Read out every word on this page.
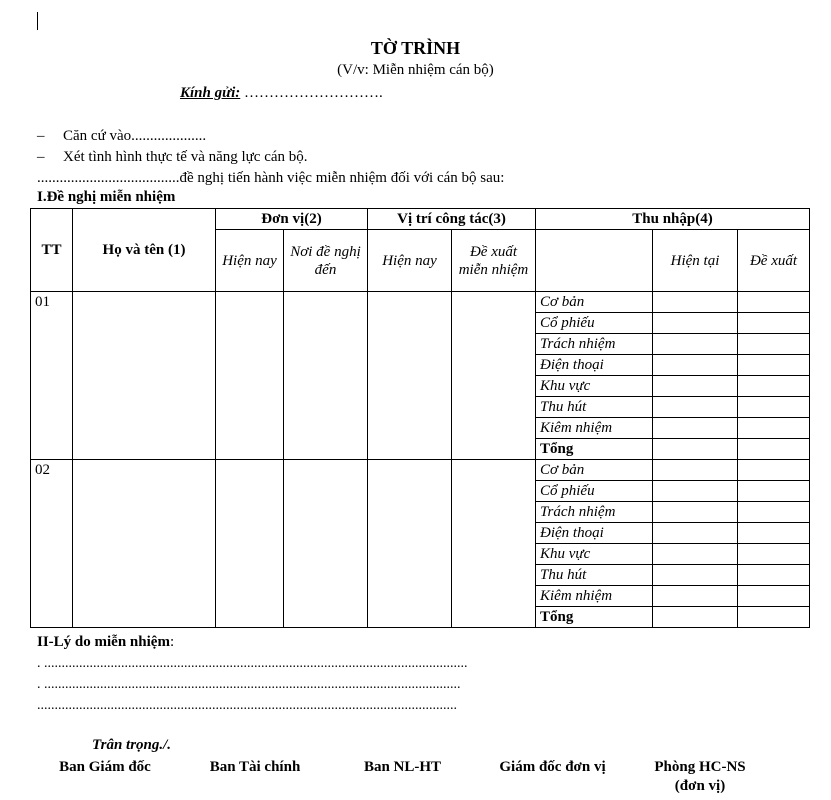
TỜ TRÌNH
(V/v: Miễn nhiệm cán bộ)
Kính gửi: ……………………….
– Căn cứ vào....................
– Xét tình hình thực tế và năng lực cán bộ.
......................................đề nghị tiến hành việc miễn nhiệm đối với cán bộ sau:
I.Đề nghị miễn nhiệm
TT	Họ và tên (1)	Đơn vị(2)		Vị trí công tác(3)		Thu nhập(4)		
		Hiện nay	Nơi đề nghị đến	Hiện nay	Đề xuất miễn nhiệm		Hiện tại	Đề xuất
01						Cơ bản		
						Cổ phiếu		
						Trách nhiệm		
						Điện thoại		
						Khu vực		
						Thu hút		
						Kiêm nhiệm		
						Tổng		
02						Cơ bản		
						Cổ phiếu		
						Trách nhiệm		
						Điện thoại		
						Khu vực		
						Thu hút		
						Kiêm nhiệm		
						Tổng		
II-Lý do miễn nhiệm:
. .........................................................................................................................
. .......................................................................................................................
........................................................................................................................
Trân trọng./.
Ban Giám đốc	Ban Tài chính	Ban NL-HT	Giám đốc đơn vị	Phòng HC-NS (đơn vị)
